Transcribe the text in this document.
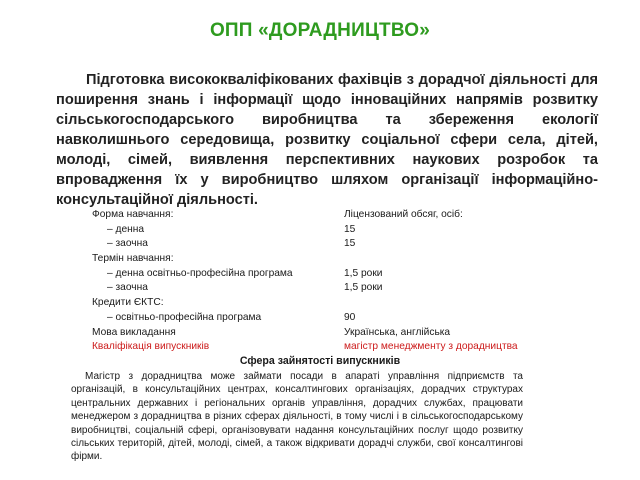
ОПП «ДОРАДНИЦТВО»
Підготовка висококваліфікованих фахівців з дорадчої діяльності для поширення знань і інформації щодо інноваційних напрямів розвитку сільськогосподарського виробництва та збереження екології навколишнього середовища, розвитку соціальної сфери села, дітей, молоді, сімей, виявлення перспективних наукових розробок та впровадження їх у виробництво шляхом організації інформаційно-консультаційної діяльності.
Форма навчання:	Ліцензований обсяг, осіб:
– денна	15
– заочна	15
Термін навчання:
– денна освітньо-професійна програма	1,5 роки
– заочна	1,5 роки
Кредити ЄКТС:
– освітньо-професійна програма	90
Мова викладання	Українська, англійська
Кваліфікація випускників	магістр менеджменту з дорадництва
Сфера зайнятості випускників
Магістр з дорадництва може займати посади в апараті управління підприємств та організацій, в консультаційних центрах, консалтингових організаціях, дорадчих структурах центральних державних і регіональних органів управління, дорадчих службах, працювати менеджером з дорадництва в різних сферах діяльності, в тому числі і в сільськогосподарському виробництві, соціальній сфері, організовувати надання консультаційних послуг щодо розвитку сільських територій, дітей, молоді, сімей, а також відкривати дорадчі служби, свої консалтингові фірми.
